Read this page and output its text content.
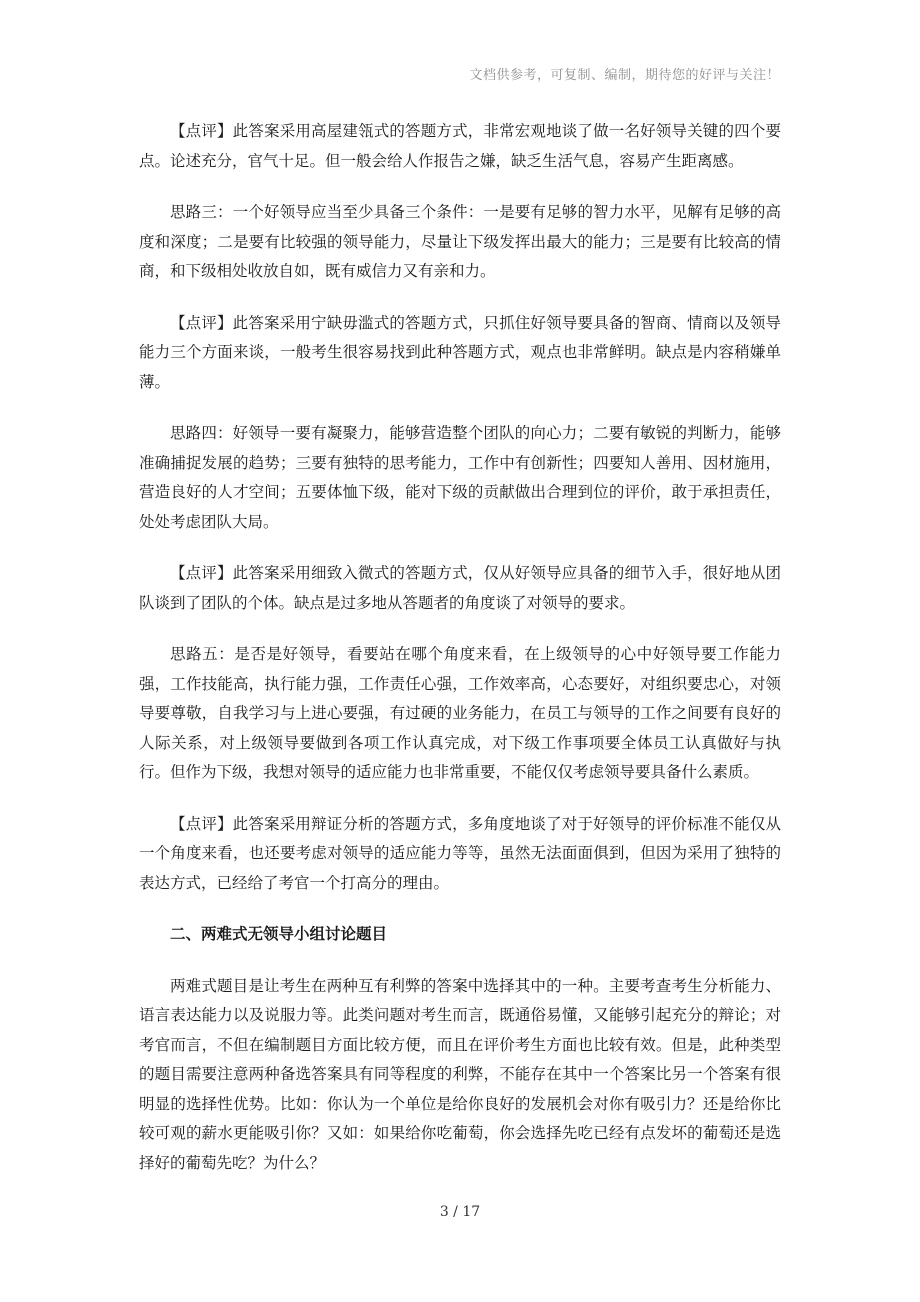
文档供参考，可复制、编制，期待您的好评与关注！

【点评】此答案采用高屋建瓴式的答题方式，非常宏观地谈了做一名好领导关键的四个要点。论述充分，官气十足。但一般会给人作报告之嫌，缺乏生活气息，容易产生距离感。

思路三：一个好领导应当至少具备三个条件：一是要有足够的智力水平，见解有足够的高度和深度；二是要有比较强的领导能力，尽量让下级发挥出最大的能力；三是要有比较高的情商，和下级相处收放自如，既有威信力又有亲和力。

【点评】此答案采用宁缺毋滥式的答题方式，只抓住好领导要具备的智商、情商以及领导能力三个方面来谈，一般考生很容易找到此种答题方式，观点也非常鲜明。缺点是内容稍嫌单薄。

思路四：好领导一要有凝聚力，能够营造整个团队的向心力；二要有敏锐的判断力，能够准确捕捉发展的趋势；三要有独特的思考能力，工作中有创新性；四要知人善用、因材施用，营造良好的人才空间；五要体恤下级，能对下级的贡献做出合理到位的评价，敢于承担责任，处处考虑团队大局。

【点评】此答案采用细致入微式的答题方式，仅从好领导应具备的细节入手，很好地从团队谈到了团队的个体。缺点是过多地从答题者的角度谈了对领导的要求。

思路五：是否是好领导，看要站在哪个角度来看，在上级领导的心中好领导要工作能力强，工作技能高，执行能力强，工作责任心强，工作效率高，心态要好，对组织要忠心，对领导要尊敬，自我学习与上进心要强，有过硬的业务能力，在员工与领导的工作之间要有良好的人际关系，对上级领导要做到各项工作认真完成，对下级工作事项要全体员工认真做好与执行。但作为下级，我想对领导的适应能力也非常重要，不能仅仅考虑领导要具备什么素质。

【点评】此答案采用辩证分析的答题方式，多角度地谈了对于好领导的评价标准不能仅从一个角度来看，也还要考虑对领导的适应能力等等，虽然无法面面俱到，但因为采用了独特的表达方式，已经给了考官一个打高分的理由。

二、两难式无领导小组讨论题目

两难式题目是让考生在两种互有利弊的答案中选择其中的一种。主要考查考生分析能力、语言表达能力以及说服力等。此类问题对考生而言，既通俗易懂，又能够引起充分的辩论；对考官而言，不但在编制题目方面比较方便，而且在评价考生方面也比较有效。但是，此种类型的题目需要注意两种备选答案具有同等程度的利弊，不能存在其中一个答案比另一个答案有很明显的选择性优势。比如：你认为一个单位是给你良好的发展机会对你有吸引力？还是给你比较可观的薪水更能吸引你？又如：如果给你吃葡萄，你会选择先吃已经有点发坏的葡萄还是选择好的葡萄先吃？为什么？

3 / 17
